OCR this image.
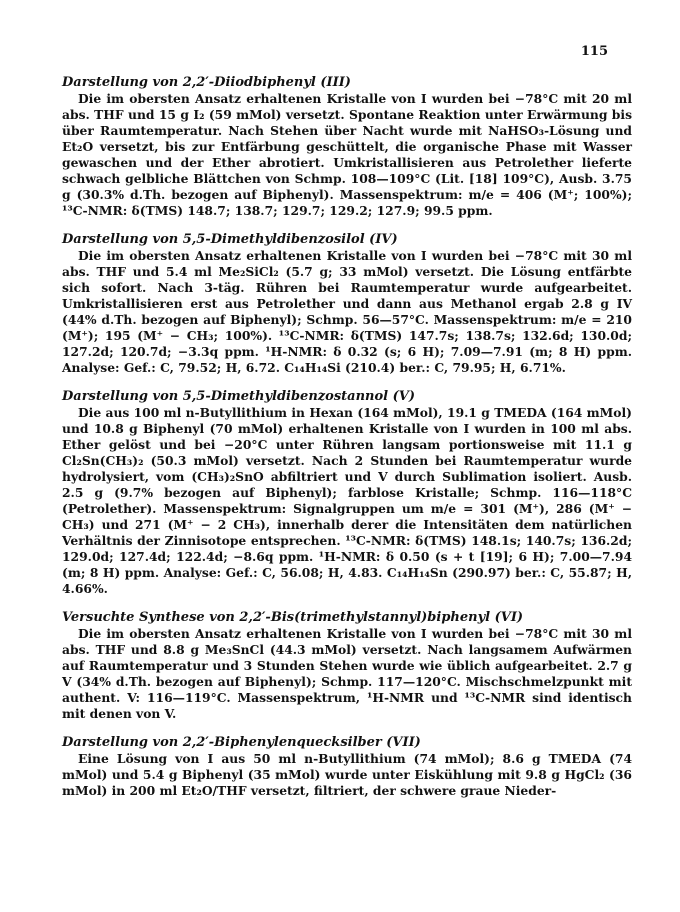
115

Darstellung von 2,2′-Diiodbiphenyl (III)

Die im obersten Ansatz erhaltenen Kristalle von I wurden bei −78°C mit 20 ml abs. THF und 15 g I₂ (59 mMol) versetzt. Spontane Reaktion unter Erwärmung bis über Raumtemperatur. Nach Stehen über Nacht wurde mit NaHSO₃-Lösung und Et₂O versetzt, bis zur Entfärbung geschüttelt, die organische Phase mit Wasser gewaschen und der Ether abrotiert. Umkristallisieren aus Petrolether lieferte schwach gelbliche Blättchen von Schmp. 108—109°C (Lit. [18] 109°C), Ausb. 3.75 g (30.3% d.Th. bezogen auf Biphenyl). Massenspektrum: m/e = 406 (M⁺; 100%); ¹³C-NMR: δ(TMS) 148.7; 138.7; 129.7; 129.2; 127.9; 99.5 ppm.

Darstellung von 5,5-Dimethyldibenzosilol (IV)

Die im obersten Ansatz erhaltenen Kristalle von I wurden bei −78°C mit 30 ml abs. THF und 5.4 ml Me₂SiCl₂ (5.7 g; 33 mMol) versetzt. Die Lösung entfärbte sich sofort. Nach 3-täg. Rühren bei Raumtemperatur wurde aufgearbeitet. Umkristallisieren erst aus Petrolether und dann aus Methanol ergab 2.8 g IV (44% d.Th. bezogen auf Biphenyl); Schmp. 56—57°C. Massenspektrum: m/e = 210 (M⁺); 195 (M⁺ − CH₃; 100%). ¹³C-NMR: δ(TMS) 147.7s; 138.7s; 132.6d; 130.0d; 127.2d; 120.7d; −3.3q ppm. ¹H-NMR: δ 0.32 (s; 6 H); 7.09—7.91 (m; 8 H) ppm. Analyse: Gef.: C, 79.52; H, 6.72. C₁₄H₁₄Si (210.4) ber.: C, 79.95; H, 6.71%.

Darstellung von 5,5-Dimethyldibenzostannol (V)

Die aus 100 ml n-Butyllithium in Hexan (164 mMol), 19.1 g TMEDA (164 mMol) und 10.8 g Biphenyl (70 mMol) erhaltenen Kristalle von I wurden in 100 ml abs. Ether gelöst und bei −20°C unter Rühren langsam portionsweise mit 11.1 g Cl₂Sn(CH₃)₂ (50.3 mMol) versetzt. Nach 2 Stunden bei Raumtemperatur wurde hydrolysiert, vom (CH₃)₂SnO abfiltriert und V durch Sublimation isoliert. Ausb. 2.5 g (9.7% bezogen auf Biphenyl); farblose Kristalle; Schmp. 116—118°C (Petrolether). Massenspektrum: Signalgruppen um m/e = 301 (M⁺), 286 (M⁺ − CH₃) und 271 (M⁺ − 2 CH₃), innerhalb derer die Intensitäten dem natürlichen Verhältnis der Zinnisotope entsprechen. ¹³C-NMR: δ(TMS) 148.1s; 140.7s; 136.2d; 129.0d; 127.4d; 122.4d; −8.6q ppm. ¹H-NMR: δ 0.50 (s + t [19]; 6 H); 7.00—7.94 (m; 8 H) ppm. Analyse: Gef.: C, 56.08; H, 4.83. C₁₄H₁₄Sn (290.97) ber.: C, 55.87; H, 4.66%.

Versuchte Synthese von 2,2′-Bis(trimethylstannyl)biphenyl (VI)

Die im obersten Ansatz erhaltenen Kristalle von I wurden bei −78°C mit 30 ml abs. THF und 8.8 g Me₃SnCl (44.3 mMol) versetzt. Nach langsamem Aufwärmen auf Raumtemperatur und 3 Stunden Stehen wurde wie üblich aufgearbeitet. 2.7 g V (34% d.Th. bezogen auf Biphenyl); Schmp. 117—120°C. Mischschmelzpunkt mit authent. V: 116—119°C. Massenspektrum, ¹H-NMR und ¹³C-NMR sind identisch mit denen von V.

Darstellung von 2,2′-Biphenylenquecksilber (VII)

Eine Lösung von I aus 50 ml n-Butyllithium (74 mMol); 8.6 g TMEDA (74 mMol) und 5.4 g Biphenyl (35 mMol) wurde unter Eiskühlung mit 9.8 g HgCl₂ (36 mMol) in 200 ml Et₂O/THF versetzt, filtriert, der schwere graue Nieder-
